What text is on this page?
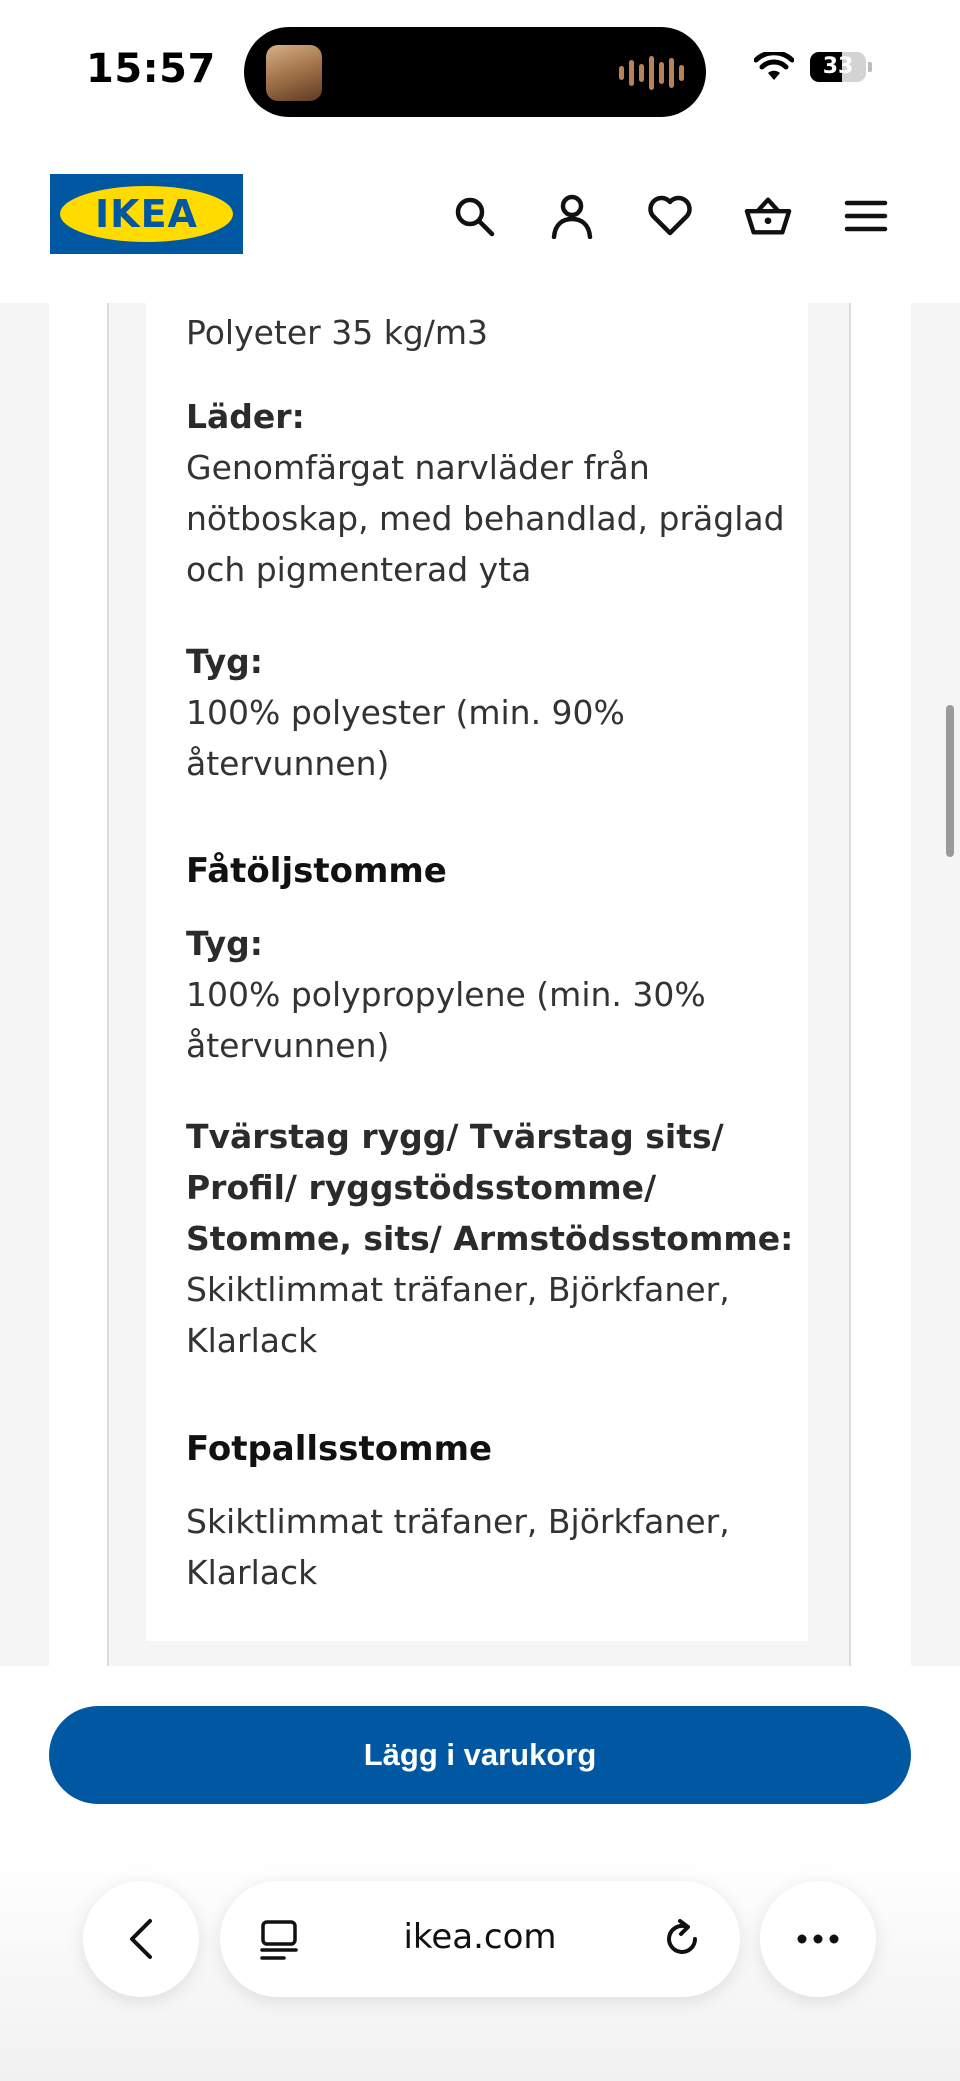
15:57	33
IKEA
Polyeter 35 kg/m3
Läder:
Genomfärgat narvläder från
nötboskap, med behandlad, präglad
och pigmenterad yta
Tyg:
100% polyester (min. 90%
återvunnen)
Fåtöljstomme
Tyg:
100% polypropylene (min. 30%
återvunnen)
Tvärstag rygg/ Tvärstag sits/
Profil/ ryggstödsstomme/
Stomme, sits/ Armstödsstomme:
Skiktlimmat träfaner, Björkfaner,
Klarlack
Fotpallsstomme
Skiktlimmat träfaner, Björkfaner,
Klarlack
Lägg i varukorg
ikea.com
